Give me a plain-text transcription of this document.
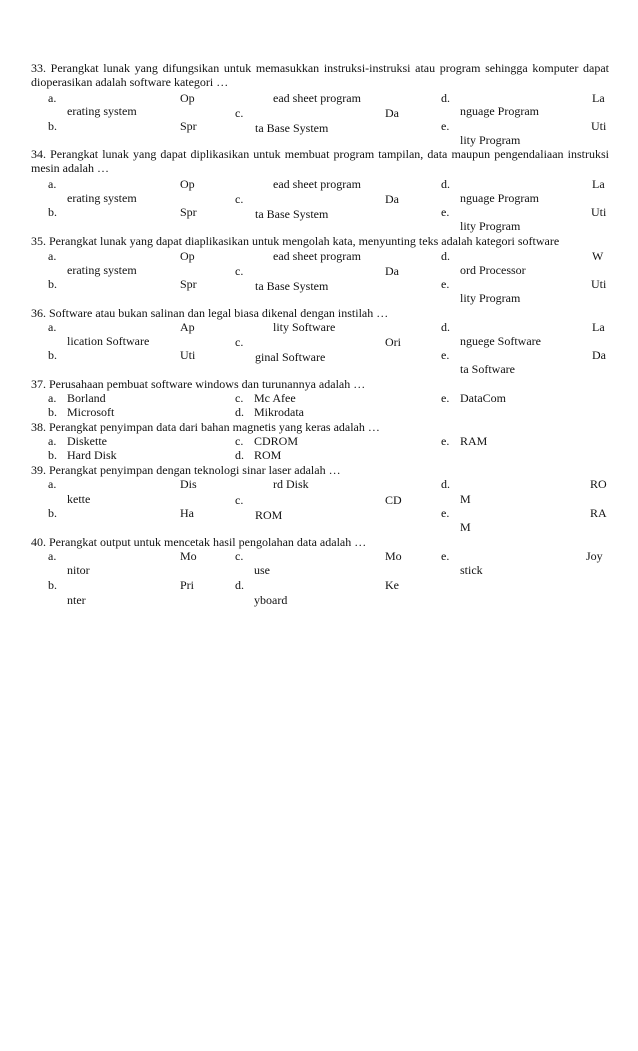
33. Perangkat lunak yang difungsikan untuk memasukkan instruksi-instruksi atau program sehingga komputer dapat dioperasikan adalah software kategori …
a.	Op
erating system
b.	Spr
ead sheet program
c.	Da
ta Base System
d.	La
nguage Program
e.	Uti
lity Program
34. Perangkat lunak yang dapat diplikasikan untuk membuat program tampilan, data maupun pengendaliaan instruksi mesin adalah …
a.	Op
erating system
b.	Spr
ead sheet program
c.	Da
ta Base System
d.	La
nguage Program
e.	Uti
lity Program
35. Perangkat lunak yang dapat diaplikasikan untuk mengolah kata, menyunting teks adalah kategori software
a.	Op
erating system
b.	Spr
ead sheet program
c.	Da
ta Base System
d.	W
ord Processor
e.	Uti
lity Program
36. Software atau bukan salinan dan legal biasa dikenal dengan instilah …
a.	Ap
lication Software
b.	Uti
lity Software
c.	Ori
ginal Software
d.	La
nguege Software
e.	Da
ta Software
37. Perusahaan pembuat software windows dan turunannya adalah …
a. Borland
b. Microsoft
c. Mc Afee
d. Mikrodata
e. DataCom
38. Perangkat penyimpan data dari bahan magnetis yang keras adalah …
a. Diskette
b. Hard Disk
c. CDROM
d. ROM
e. RAM
39. Perangkat penyimpan dengan teknologi sinar laser adalah …
a.	Dis
kette
b.	Ha
rd Disk
c.	CD
ROM
d.	RO
M
e.	RA
M
40. Perangkat output untuk mencetak hasil pengolahan data adalah …
a.	Mo
nitor
b.	Pri
nter
c.	Mo
use
d.	Ke
yboard
e.	Joy
stick
